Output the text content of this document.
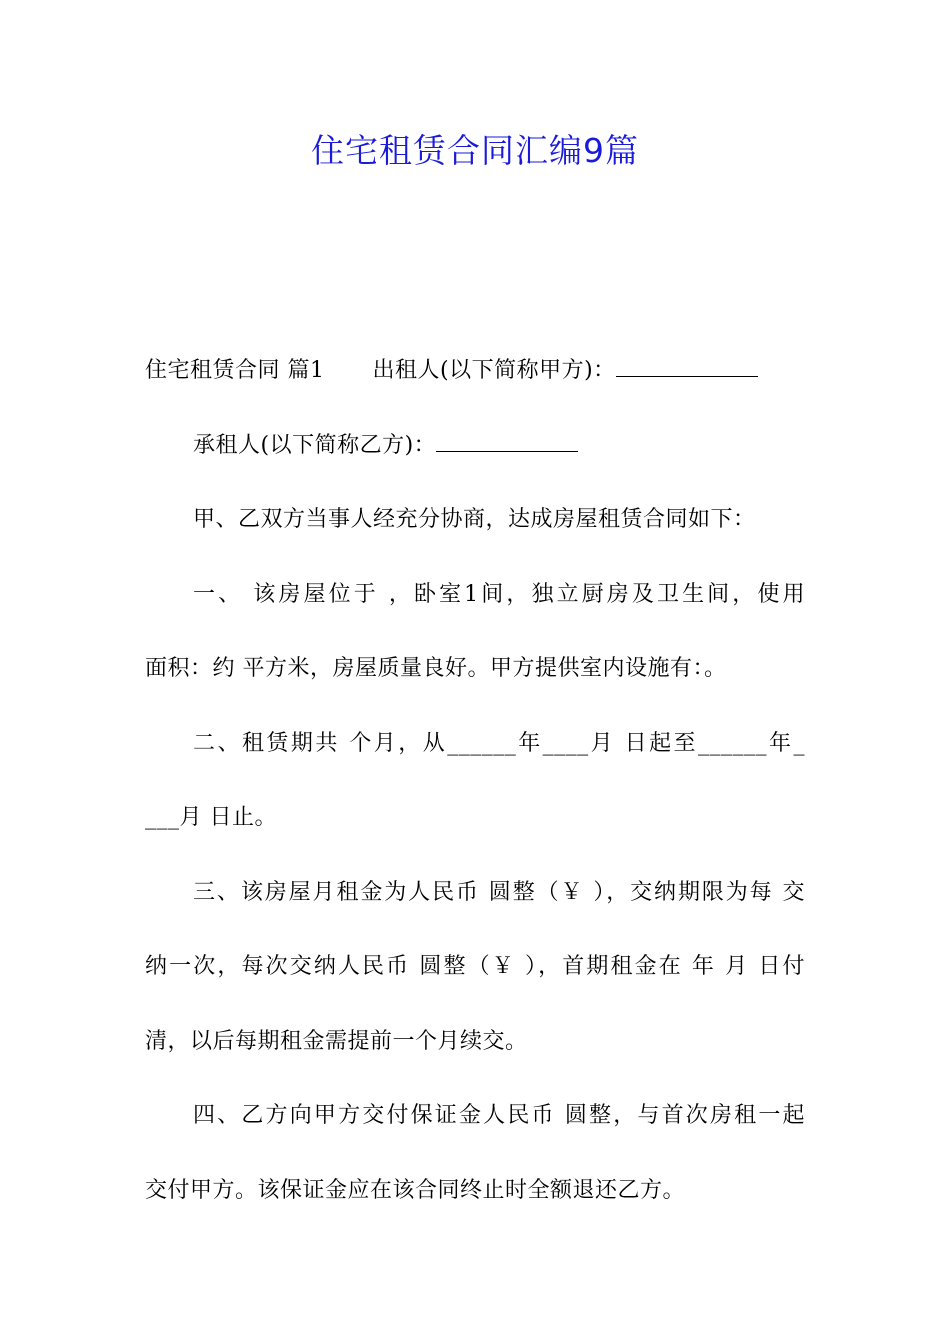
住宅租赁合同汇编9篇
住宅租赁合同 篇1 出租人(以下简称甲方)：
承租人(以下简称乙方)：
甲、乙双方当事人经充分协商，达成房屋租赁合同如下：
一、 该房屋位于 ，卧室1间，独立厨房及卫生间，使用
面积：约 平方米，房屋质量良好。甲方提供室内设施有：。
二、租赁期共 个月，从______年____月 日起至______年_
___月 日止。
三、该房屋月租金为人民币 圆整（￥ ），交纳期限为每 交
纳一次，每次交纳人民币 圆整（￥ ），首期租金在 年 月 日付
清，以后每期租金需提前一个月续交。
四、乙方向甲方交付保证金人民币 圆整，与首次房租一起
交付甲方。该保证金应在该合同终止时全额退还乙方。
